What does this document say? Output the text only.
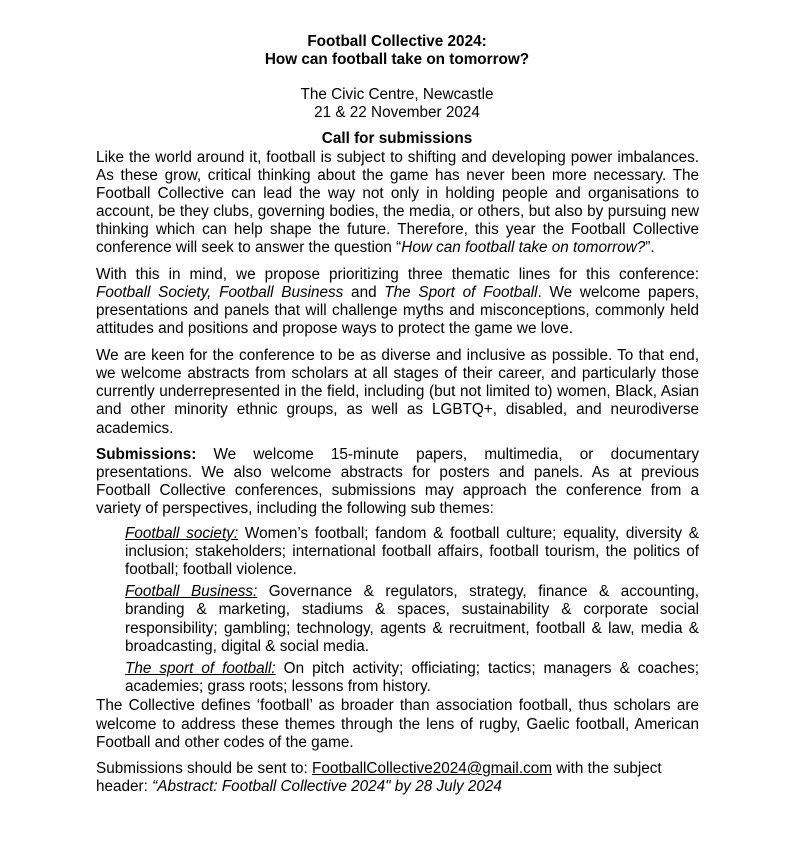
Football Collective 2024:
How can football take on tomorrow?
The Civic Centre, Newcastle
21 & 22 November 2024
Call for submissions

Like the world around it, football is subject to shifting and developing power imbalances. As these grow, critical thinking about the game has never been more necessary. The Football Collective can lead the way not only in holding people and organisations to account, be they clubs, governing bodies, the media, or others, but also by pursuing new thinking which can help shape the future. Therefore, this year the Football Collective conference will seek to answer the question “How can football take on tomorrow?”.

With this in mind, we propose prioritizing three thematic lines for this conference: Football Society, Football Business and The Sport of Football. We welcome papers, presentations and panels that will challenge myths and misconceptions, commonly held attitudes and positions and propose ways to protect the game we love.

We are keen for the conference to be as diverse and inclusive as possible. To that end, we welcome abstracts from scholars at all stages of their career, and particularly those currently underrepresented in the field, including (but not limited to) women, Black, Asian and other minority ethnic groups, as well as LGBTQ+, disabled, and neurodiverse academics.

Submissions: We welcome 15-minute papers, multimedia, or documentary presentations. We also welcome abstracts for posters and panels. As at previous Football Collective conferences, submissions may approach the conference from a variety of perspectives, including the following sub themes:

Football society: Women’s football; fandom & football culture; equality, diversity & inclusion; stakeholders; international football affairs, football tourism, the politics of football; football violence.

Football Business: Governance & regulators, strategy, finance & accounting, branding & marketing, stadiums & spaces, sustainability & corporate social responsibility; gambling; technology, agents & recruitment, football & law, media & broadcasting, digital & social media.

The sport of football: On pitch activity; officiating; tactics; managers & coaches; academies; grass roots; lessons from history.

The Collective defines ‘football’ as broader than association football, thus scholars are welcome to address these themes through the lens of rugby, Gaelic football, American Football and other codes of the game.

Submissions should be sent to: FootballCollective2024@gmail.com with the subject header: “Abstract: Football Collective 2024" by 28 July 2024
